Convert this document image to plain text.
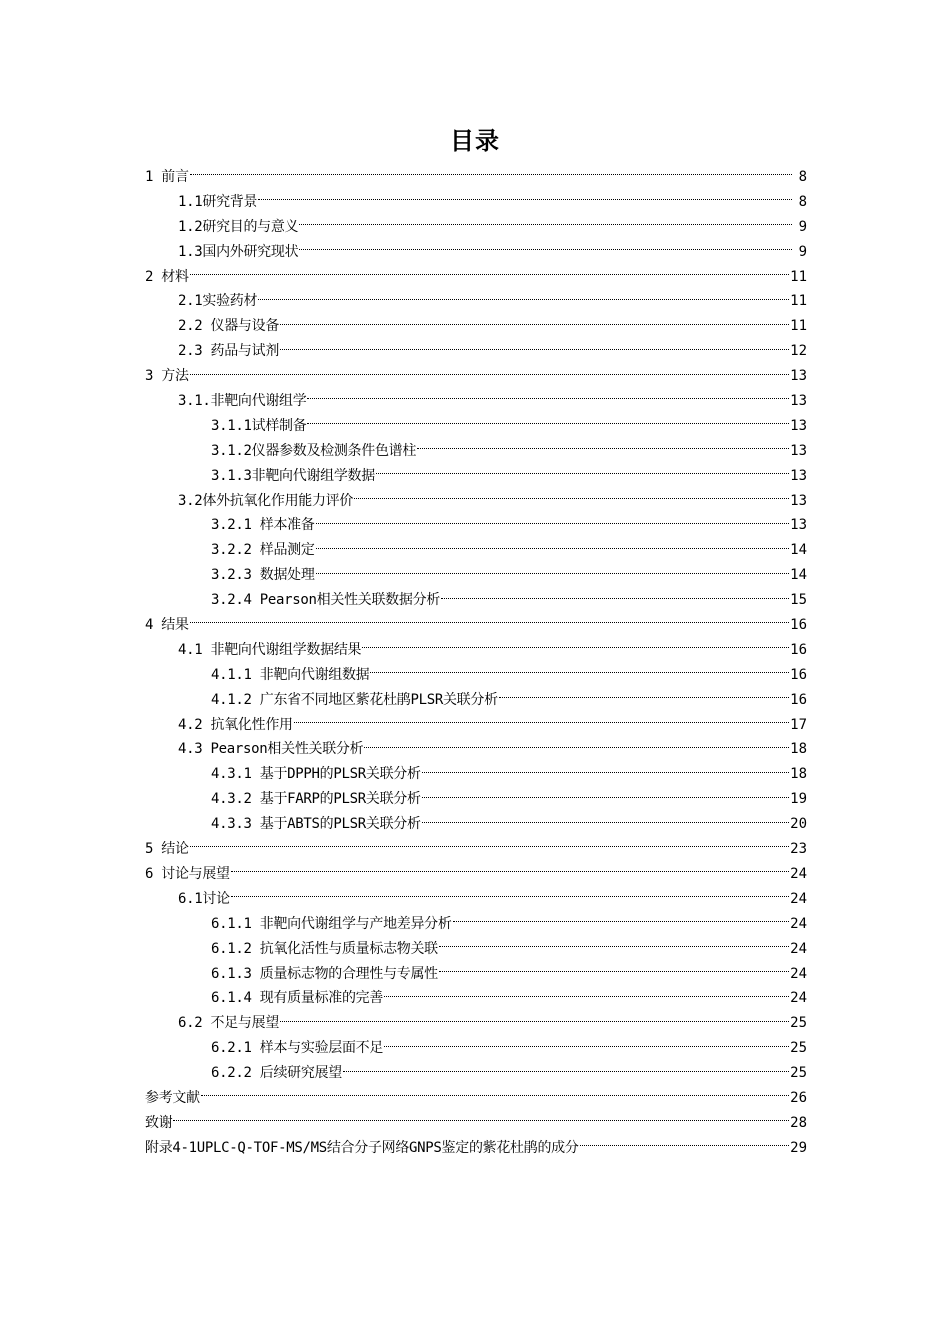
目录
1 前言	8
1.1研究背景	8
1.2研究目的与意义	9
1.3国内外研究现状	9
2 材料	11
2.1实验药材	11
2.2 仪器与设备	11
2.3 药品与试剂	12
3 方法	13
3.1.非靶向代谢组学	13
3.1.1试样制备	13
3.1.2仪器参数及检测条件色谱柱	13
3.1.3非靶向代谢组学数据	13
3.2体外抗氧化作用能力评价	13
3.2.1 样本准备	13
3.2.2 样品测定	14
3.2.3 数据处理	14
3.2.4 Pearson相关性关联数据分析	15
4 结果	16
4.1 非靶向代谢组学数据结果	16
4.1.1 非靶向代谢组数据	16
4.1.2 广东省不同地区紫花杜鹃PLSR关联分析	16
4.2 抗氧化性作用	17
4.3 Pearson相关性关联分析	18
4.3.1 基于DPPH的PLSR关联分析	18
4.3.2 基于FARP的PLSR关联分析	19
4.3.3 基于ABTS的PLSR关联分析	20
5 结论	23
6 讨论与展望	24
6.1讨论	24
6.1.1 非靶向代谢组学与产地差异分析	24
6.1.2 抗氧化活性与质量标志物关联	24
6.1.3 质量标志物的合理性与专属性	24
6.1.4 现有质量标准的完善	24
6.2 不足与展望	25
6.2.1 样本与实验层面不足	25
6.2.2 后续研究展望	25
参考文献	26
致谢	28
附录4-1UPLC-Q-TOF-MS/MS结合分子网络GNPS鉴定的紫花杜鹃的成分	29
